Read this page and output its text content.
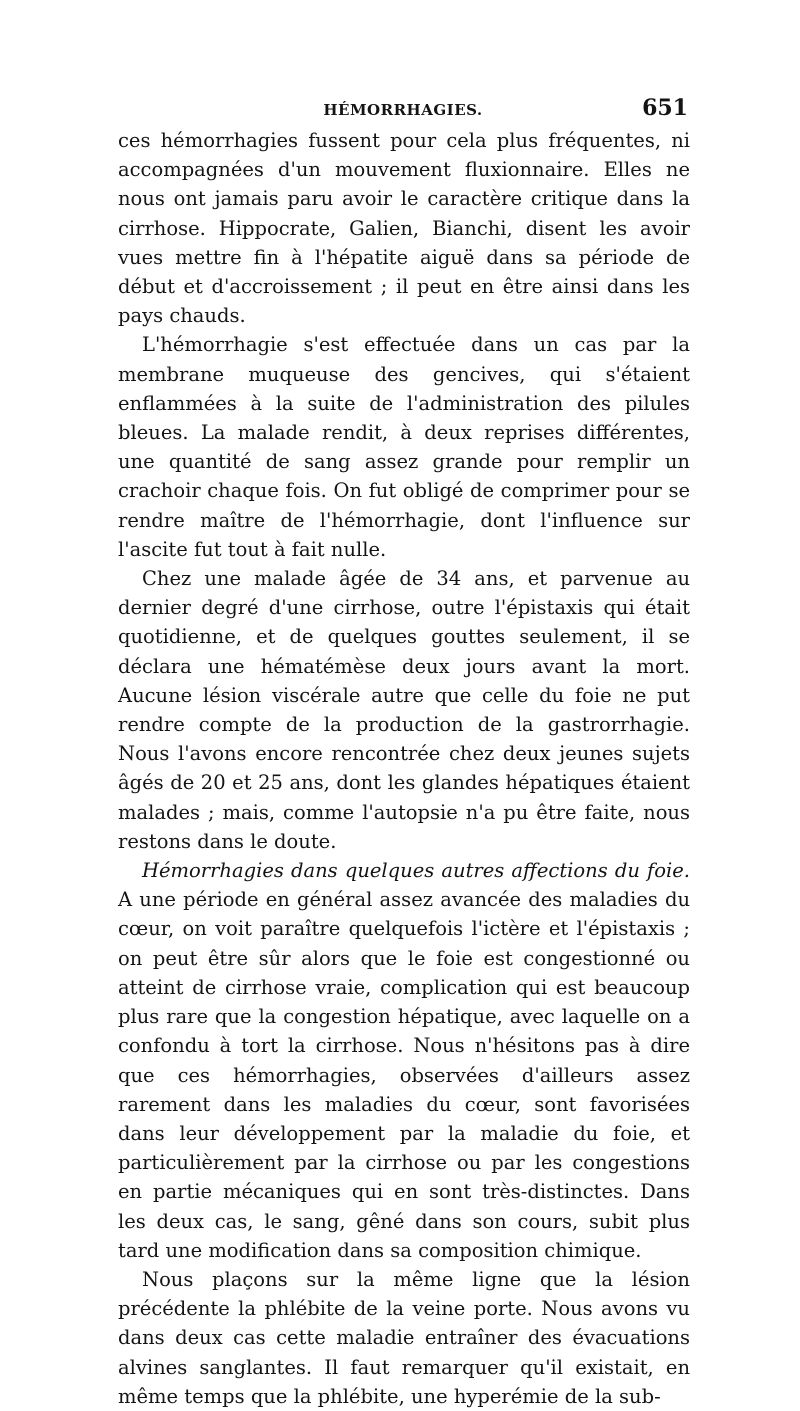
HÉMORRHAGIES.	651

ces hémorrhagies fussent pour cela plus fréquentes, ni accompagnées d'un mouvement fluxionnaire. Elles ne nous ont jamais paru avoir le caractère critique dans la cirrhose. Hippocrate, Galien, Bianchi, disent les avoir vues mettre fin à l'hépatite aiguë dans sa période de début et d'accroissement ; il peut en être ainsi dans les pays chauds.

L'hémorrhagie s'est effectuée dans un cas par la membrane muqueuse des gencives, qui s'étaient enflammées à la suite de l'administration des pilules bleues. La malade rendit, à deux reprises différentes, une quantité de sang assez grande pour remplir un crachoir chaque fois. On fut obligé de comprimer pour se rendre maître de l'hémorrhagie, dont l'influence sur l'ascite fut tout à fait nulle.

Chez une malade âgée de 34 ans, et parvenue au dernier degré d'une cirrhose, outre l'épistaxis qui était quotidienne, et de quelques gouttes seulement, il se déclara une hématémèse deux jours avant la mort. Aucune lésion viscérale autre que celle du foie ne put rendre compte de la production de la gastrorrhagie. Nous l'avons encore rencontrée chez deux jeunes sujets âgés de 20 et 25 ans, dont les glandes hépatiques étaient malades ; mais, comme l'autopsie n'a pu être faite, nous restons dans le doute.

Hémorrhagies dans quelques autres affections du foie. A une période en général assez avancée des maladies du cœur, on voit paraître quelquefois l'ictère et l'épistaxis ; on peut être sûr alors que le foie est congestionné ou atteint de cirrhose vraie, complication qui est beaucoup plus rare que la congestion hépatique, avec laquelle on a confondu à tort la cirrhose. Nous n'hésitons pas à dire que ces hémorrhagies, observées d'ailleurs assez rarement dans les maladies du cœur, sont favorisées dans leur développement par la maladie du foie, et particulièrement par la cirrhose ou par les congestions en partie mécaniques qui en sont très-distinctes. Dans les deux cas, le sang, gêné dans son cours, subit plus tard une modification dans sa composition chimique.

Nous plaçons sur la même ligne que la lésion précédente la phlébite de la veine porte. Nous avons vu dans deux cas cette maladie entraîner des évacuations alvines sanglantes. Il faut remarquer qu'il existait, en même temps que la phlébite, une hyperémie de la sub-
